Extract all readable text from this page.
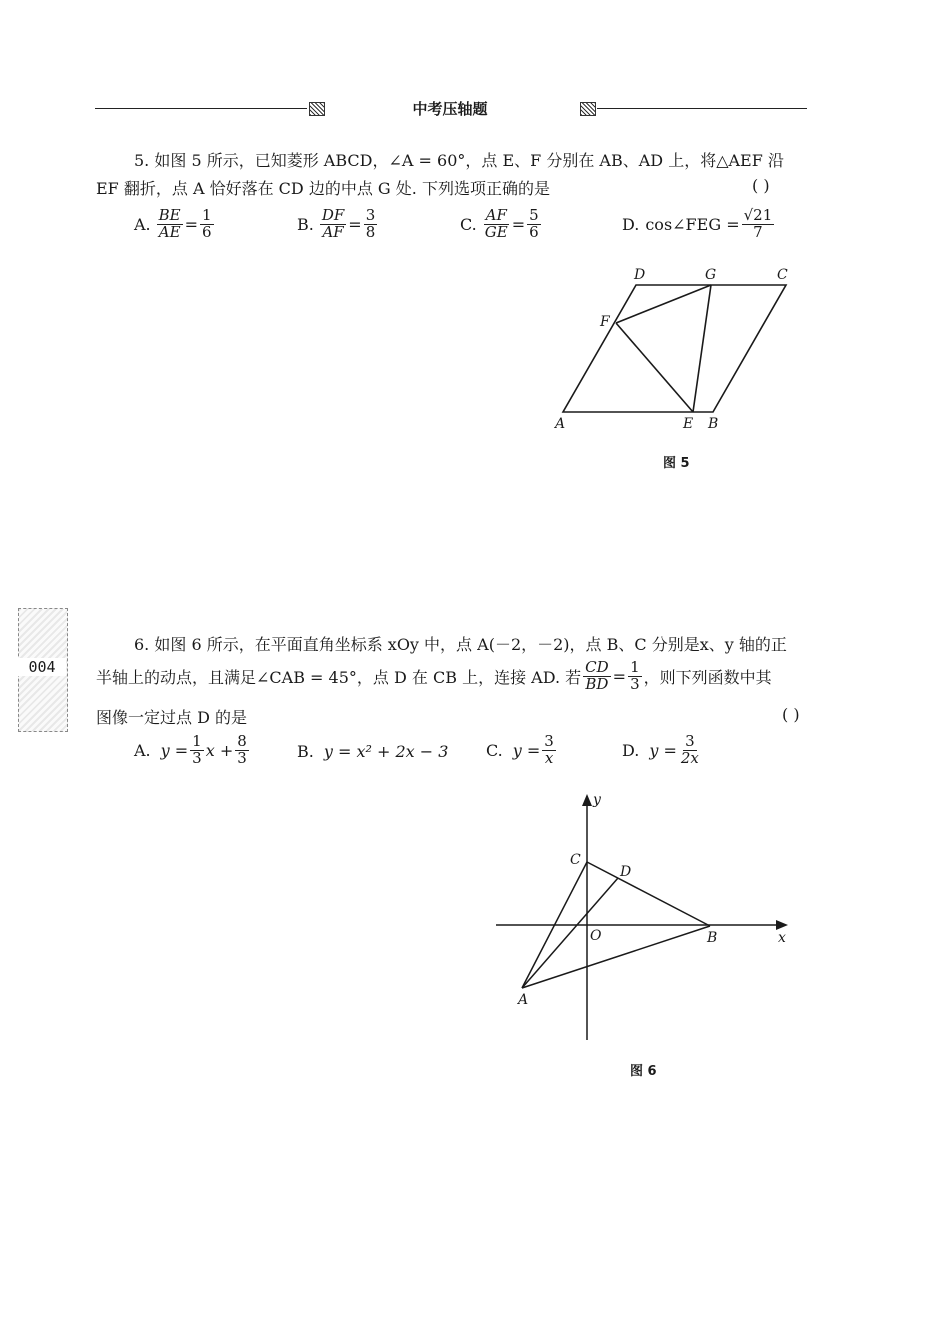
中考压轴题
5. 如图 5 所示，已知菱形 ABCD，∠A = 60°，点 E、F 分别在 AB、AD 上，将△AEF 沿
EF 翻折，点 A 恰好落在 CD 边的中点 G 处. 下列选项正确的是	( )
A. $\frac{BE}{AE} = \frac{1}{6}$	B. $\frac{DF}{AF} = \frac{3}{8}$	C. $\frac{AF}{GE} = \frac{5}{6}$	D. cos∠FEG = $\frac{√21}{7}$
A	E B
D	G	C
F
图 5
004
6. 如图 6 所示，在平面直角坐标系 xOy 中，点 A(－2，－2)，点 B、C 分别是x、y 轴的正
半轴上的动点，且满足∠CAB = 45°，点 D 在 CB 上，连接 AD. 若 $\frac{CD}{BD} = \frac{1}{3}$ ，则下列函数中其
图像一定过点 D 的是	( )
A. $y = \frac{1}{3}$ $x + \frac{8}{3}$	B. y = x² + 2x − 3 C. $y = \frac{3}{x}$	D. $y = \frac{3}{2x}$
y
x
C
D
O	B
A
图 6
